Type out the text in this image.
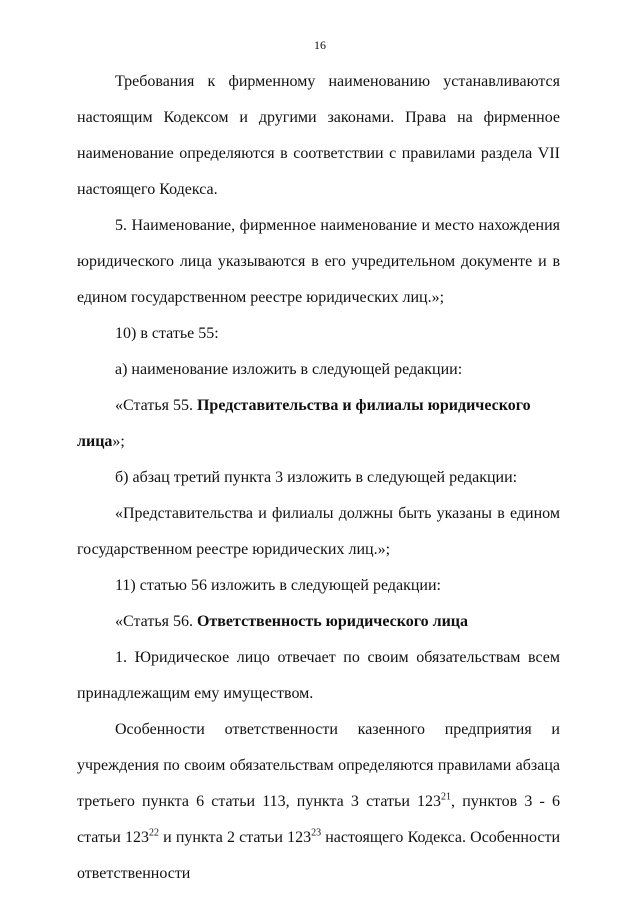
16

Требования к фирменному наименованию устанавливаются настоящим Кодексом и другими законами. Права на фирменное наименование определяются в соответствии с правилами раздела VII настоящего Кодекса.

5. Наименование, фирменное наименование и место нахождения юридического лица указываются в его учредительном документе и в едином государственном реестре юридических лиц.»;

10) в статье 55:

а) наименование изложить в следующей редакции:

«Статья 55. Представительства и филиалы юридического лица»;

б) абзац третий пункта 3 изложить в следующей редакции:

«Представительства и филиалы должны быть указаны в едином государственном реестре юридических лиц.»;

11) статью 56 изложить в следующей редакции:

«Статья 56. Ответственность юридического лица

1. Юридическое лицо отвечает по своим обязательствам всем принадлежащим ему имуществом.

Особенности ответственности казенного предприятия и учреждения по своим обязательствам определяются правилами абзаца третьего пункта 6 статьи 113, пункта 3 статьи $123^{21}$, пунктов 3 - 6 статьи $123^{22}$ и пункта 2 статьи $123^{23}$ настоящего Кодекса. Особенности ответственности
